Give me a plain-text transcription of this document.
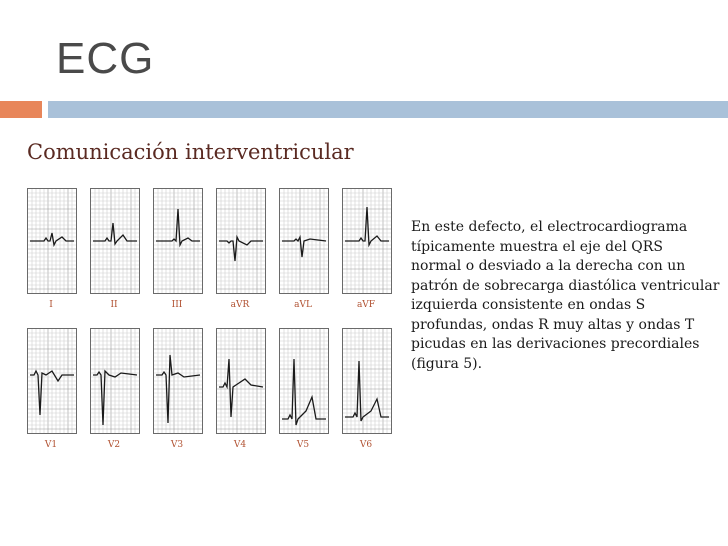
ECG
Comunicación interventricular
I	II	III	aVR	aVL	aVF
V1	V2	V3	V4	V5	V6
En este defecto, el electrocardiograma
típicamente muestra el eje del QRS
normal o desviado a la derecha con un
patrón de sobrecarga diastólica ventricular
izquierda consistente en ondas S
profundas, ondas R muy altas y ondas T
picudas en las derivaciones precordiales
(figura 5).
